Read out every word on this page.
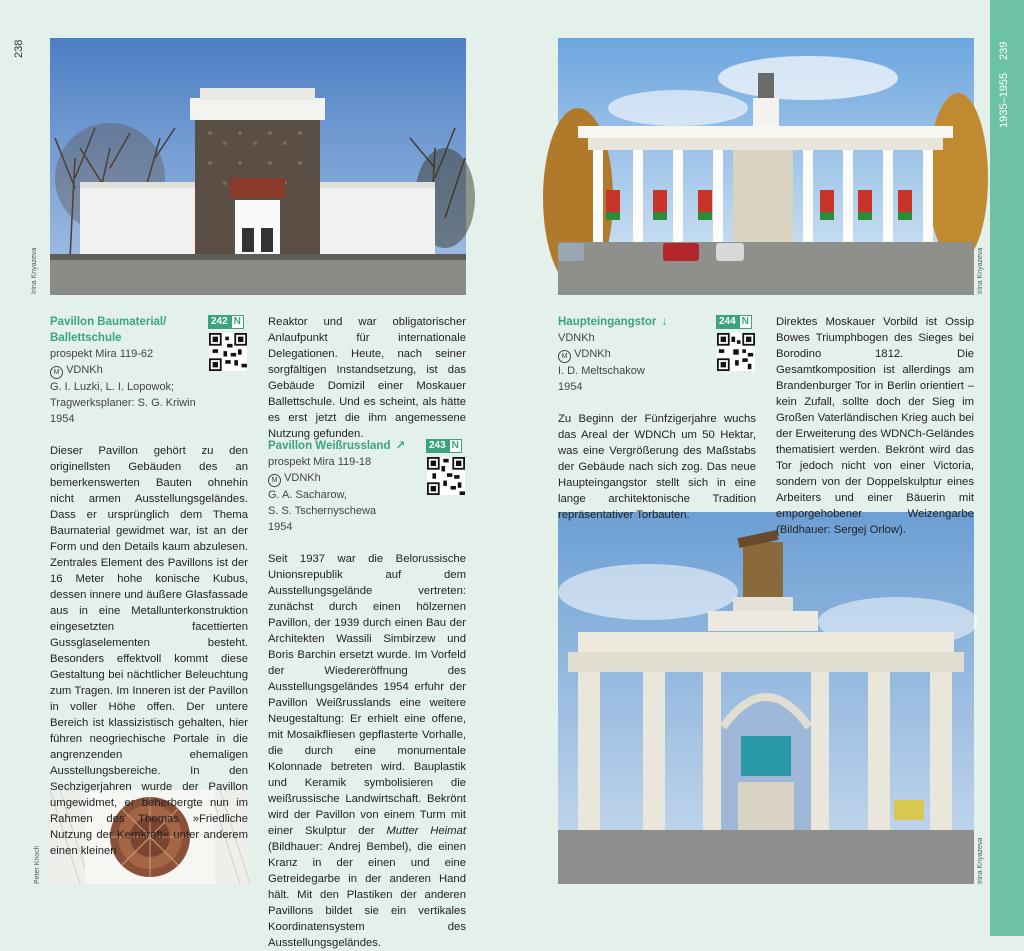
238	239
1935–1955
Irina Knyazeva	Irina Knyazeva
Peter Knoch	Irina Knyazeva
Pavillon Baumaterial/
Ballettschule
prospekt Mira 119-62
M VDNKh
G. I. Luzki, L. I. Lopowok;
Tragwerksplaner: S. G. Kriwin
1954

Dieser Pavillon gehört zu den originellsten Gebäuden des an bemerkenswerten Bauten ohnehin nicht armen Ausstellungsgeländes. Dass er ursprünglich dem Thema Baumaterial gewidmet war, ist an der Form und den Details kaum abzulesen. Zentrales Element des Pavillons ist der 16 Meter hohe konische Kubus, dessen innere und äußere Glasfassade aus in eine Metallunterkonstruktion eingesetzten facettierten Gussglaselementen besteht. Besonders effektvoll kommt diese Gestaltung bei nächtlicher Beleuchtung zum Tragen. Im Inneren ist der Pavillon in voller Höhe offen. Der untere Bereich ist klassizistisch gehalten, hier führen neogriechische Portale in die angrenzenden ehemaligen Ausstellungsbereiche. In den Sechzigerjahren wurde der Pavillon umgewidmet, er beherbergte nun im Rahmen des Themas »Friedliche Nutzung der Kernkraft« unter anderem einen kleinen

242 N Reaktor und war obligatorischer Anlaufpunkt für internationale Delegationen. Heute, nach seiner sorgfältigen Instandsetzung, ist das Gebäude Domizil einer Moskauer Ballettschule. Und es scheint, als hätte es erst jetzt die ihm angemessene Nutzung gefunden.

Pavillon Weißrussland ↗
prospekt Mira 119-18
M VDNKh
G. A. Sacharow,
S. S. Tschernyschewa
1954

Seit 1937 war die Belorussische Unionsrepublik auf dem Ausstellungsgelände vertreten: zunächst durch einen hölzernen Pavillon, der 1939 durch einen Bau der Architekten Wassili Simbirzew und Boris Barchin ersetzt wurde. Im Vorfeld der Wiedereröffnung des Ausstellungsgeländes 1954 erfuhr der Pavillon Weißrusslands eine weitere Neugestaltung: Er erhielt eine offene, mit Mosaikfliesen gepflasterte Vorhalle, die durch eine monumentale Kolonnade betreten wird. Bauplastik und Keramik symbolisieren die weißrussische Landwirtschaft. Bekrönt wird der Pavillon von einem Turm mit einer Skulptur der Mutter Heimat (Bildhauer: Andrej Bembel), die einen Kranz in der einen und eine Getreidegarbe in der anderen Hand hält. Mit den Plastiken der anderen Pavillons bildet sie ein vertikales Koordinatensystem des Ausstellungsgeländes.

243 N
Haupteingangstor ↓
VDNKh
M VDNKh
I. D. Meltschakow
1954

Zu Beginn der Fünfzigerjahre wuchs das Areal der WDNCh um 50 Hektar, was eine Vergrößerung des Maßstabs der Gebäude nach sich zog. Das neue Haupteingangstor stellt sich in eine lange architektonische Tradition repräsentativer Torbauten.

244 N Direktes Moskauer Vorbild ist Ossip Bowes Triumphbogen des Sieges bei Borodino 1812. Die Gesamtkomposition ist allerdings am Brandenburger Tor in Berlin orientiert – kein Zufall, sollte doch der Sieg im Großen Vaterländischen Krieg auch bei der Erweiterung des WDNCh-Geländes thematisiert werden. Bekrönt wird das Tor jedoch nicht von einer Victoria, sondern von der Doppelskulptur eines Arbeiters und einer Bäuerin mit emporgehobener Weizengarbe (Bildhauer: Sergej Orlow).
